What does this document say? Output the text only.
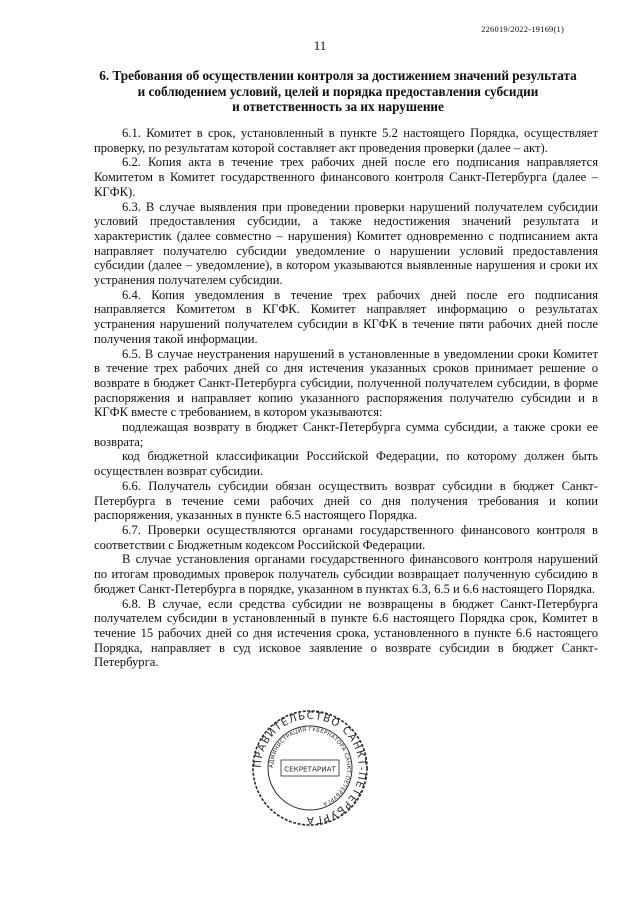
226019/2022-19169(1)
11
6. Требования об осуществлении контроля за достижением значений результата
и соблюдением условий, целей и порядка предоставления субсидии
и ответственность за их нарушение

6.1. Комитет в срок, установленный в пункте 5.2 настоящего Порядка, осуществляет проверку, по результатам которой составляет акт проведения проверки (далее – акт).

6.2. Копия акта в течение трех рабочих дней после его подписания направляется Комитетом в Комитет государственного финансового контроля Санкт-Петербурга (далее – КГФК).

6.3. В случае выявления при проведении проверки нарушений получателем субсидии условий предоставления субсидии, а также недостижения значений результата и характеристик (далее совместно – нарушения) Комитет одновременно с подписанием акта направляет получателю субсидии уведомление о нарушении условий предоставления субсидии (далее – уведомление), в котором указываются выявленные нарушения и сроки их устранения получателем субсидии.

6.4. Копия уведомления в течение трех рабочих дней после его подписания направляется Комитетом в КГФК. Комитет направляет информацию о результатах устранения нарушений получателем субсидии в КГФК в течение пяти рабочих дней после получения такой информации.

6.5. В случае неустранения нарушений в установленные в уведомлении сроки Комитет в течение трех рабочих дней со дня истечения указанных сроков принимает решение о возврате в бюджет Санкт-Петербурга субсидии, полученной получателем субсидии, в форме распоряжения и направляет копию указанного распоряжения получателю субсидии и в КГФК вместе с требованием, в котором указываются:

подлежащая возврату в бюджет Санкт-Петербурга сумма субсидии, а также сроки ее возврата;

код бюджетной классификации Российской Федерации, по которому должен быть осуществлен возврат субсидии.

6.6. Получатель субсидии обязан осуществить возврат субсидии в бюджет Санкт-Петербурга в течение семи рабочих дней со дня получения требования и копии распоряжения, указанных в пункте 6.5 настоящего Порядка.

6.7. Проверки осуществляются органами государственного финансового контроля в соответствии с Бюджетным кодексом Российской Федерации.

В случае установления органами государственного финансового контроля нарушений по итогам проводимых проверок получатель субсидии возвращает полученную субсидию в бюджет Санкт-Петербурга в порядке, указанном в пунктах 6.3, 6.5 и 6.6 настоящего Порядка.

6.8. В случае, если средства субсидии не возвращены в бюджет Санкт-Петербурга получателем субсидии в установленный в пункте 6.6 настоящего Порядка срок, Комитет в течение 15 рабочих дней со дня истечения срока, установленного в пункте 6.6 настоящего Порядка, направляет в суд исковое заявление о возврате субсидии в бюджет Санкт-Петербурга.

ПРАВИТЕЛЬСТВО САНКТ-ПЕТЕРБУРГА
АДМИНИСТРАЦИЯ ГУБЕРНАТОРА САНКТ-ПЕТЕРБУРГА
СЕКРЕТАРИАТ
